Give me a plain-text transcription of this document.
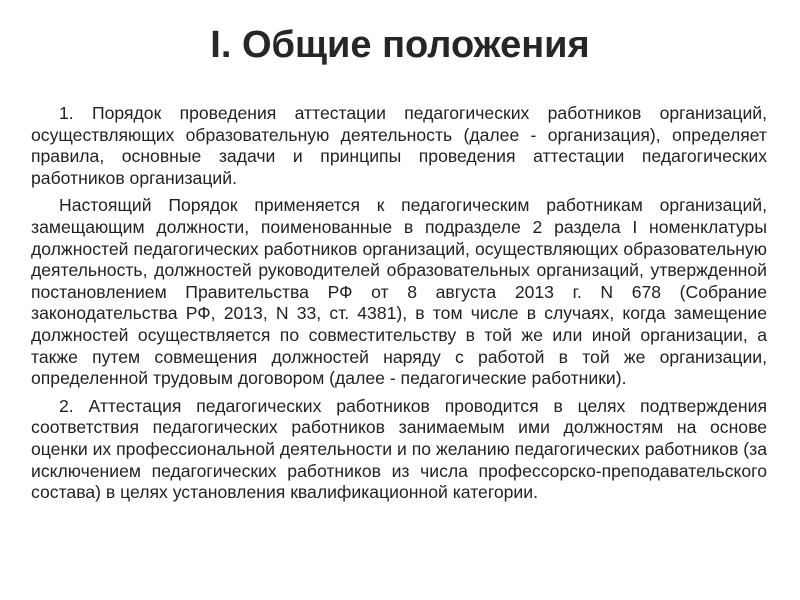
I. Общие положения

1. Порядок проведения аттестации педагогических работников организаций, осуществляющих образовательную деятельность (далее - организация), определяет правила, основные задачи и принципы проведения аттестации педагогических работников организаций.

Настоящий Порядок применяется к педагогическим работникам организаций, замещающим должности, поименованные в подразделе 2 раздела I номенклатуры должностей педагогических работников организаций, осуществляющих образовательную деятельность, должностей руководителей образовательных организаций, утвержденной постановлением Правительства РФ от 8 августа 2013 г. N 678 (Собрание законодательства РФ, 2013, N 33, ст. 4381), в том числе в случаях, когда замещение должностей осуществляется по совместительству в той же или иной организации, а также путем совмещения должностей наряду с работой в той же организации, определенной трудовым договором (далее - педагогические работники).

2. Аттестация педагогических работников проводится в целях подтверждения соответствия педагогических работников занимаемым ими должностям на основе оценки их профессиональной деятельности и по желанию педагогических работников (за исключением педагогических работников из числа профессорско-преподавательского состава) в целях установления квалификационной категории.
